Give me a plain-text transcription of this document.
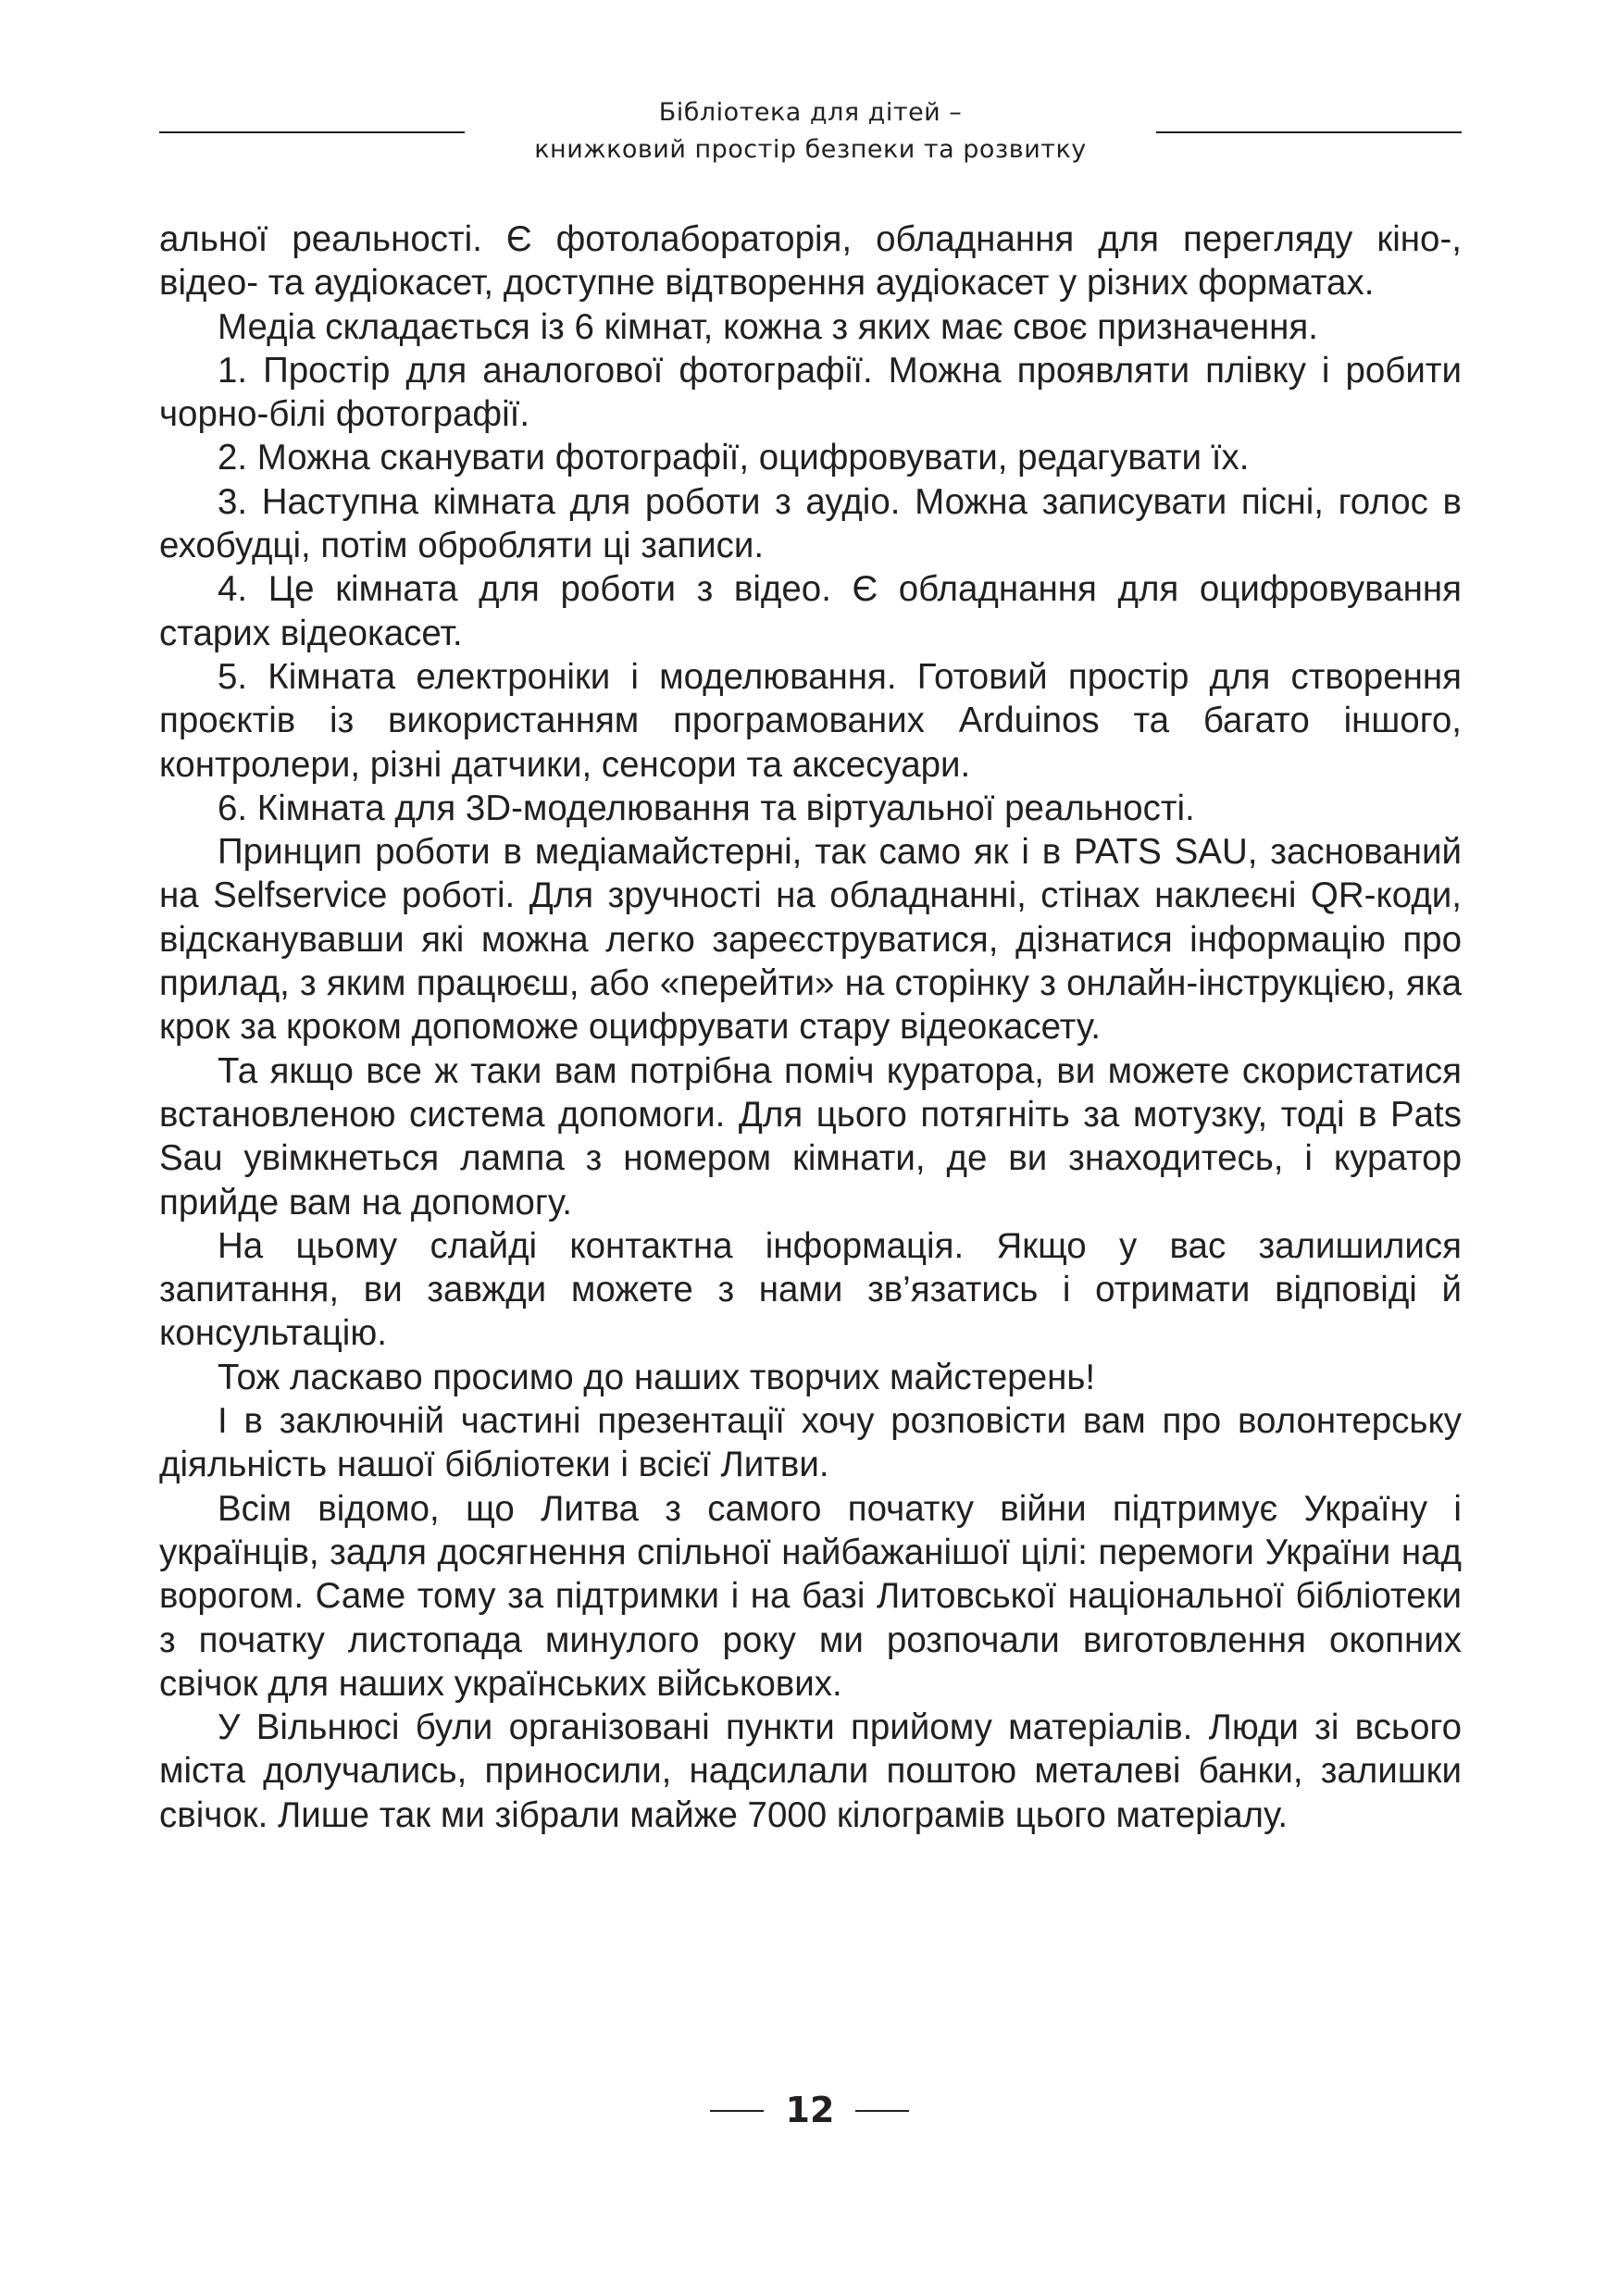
Бібліотека для дітей –
книжковий простір безпеки та розвитку

альної реальності. Є фотолабораторія, обладнання для перегляду кіно-, відео- та аудіокасет, доступне відтворення аудіокасет у різних форматах.

Медіа складається із 6 кімнат, кожна з яких має своє призначення.

1. Простір для аналогової фотографії. Можна проявляти плівку і робити чорно-білі фотографії.

2. Можна сканувати фотографії, оцифровувати, редагувати їх.

3. Наступна кімната для роботи з аудіо. Можна записувати пісні, голос в ехобудці, потім обробляти ці записи.

4. Це кімната для роботи з відео. Є обладнання для оцифровування старих відеокасет.

5. Кімната електроніки і моделювання. Готовий простір для створення проєктів із використанням програмованих Arduinos та багато іншого, контролери, різні датчики, сенсори та аксесуари.

6. Кімната для 3D-моделювання та віртуальної реальності.

Принцип роботи в медіамайстерні, так само як і в PATS SAU, заснований на Selfservice роботі. Для зручності на обладнанні, стінах наклеєні QR-коди, відсканувавши які можна легко зареєструватися, дізнатися інформацію про прилад, з яким працюєш, або «перейти» на сторінку з онлайн-інструкцією, яка крок за кроком допоможе оцифрувати стару відеокасету.

Та якщо все ж таки вам потрібна поміч куратора, ви можете скористатися встановленою система допомоги. Для цього потягніть за мотузку, тоді в Pats Sau увімкнеться лампа з номером кімнати, де ви знаходитесь, і куратор прийде вам на допомогу.

На цьому слайді контактна інформація. Якщо у вас залишилися запитання, ви завжди можете з нами зв’язатись і отримати відповіді й консультацію.

Тож ласкаво просимо до наших творчих майстерень!

І в заключній частині презентації хочу розповісти вам про волонтерську діяльність нашої бібліотеки і всієї Литви.

Всім відомо, що Литва з самого початку війни підтримує Україну і українців, задля досягнення спільної найбажанішої цілі: перемоги України над ворогом. Саме тому за підтримки і на базі Литовської національної бібліотеки з початку листопада минулого року ми розпочали виготовлення окопних свічок для наших українських військових.

У Вільнюсі були організовані пункти прийому матеріалів. Люди зі всього міста долучались, приносили, надсилали поштою металеві банки, залишки свічок. Лише так ми зібрали майже 7000 кілограмів цього матеріалу.

12
